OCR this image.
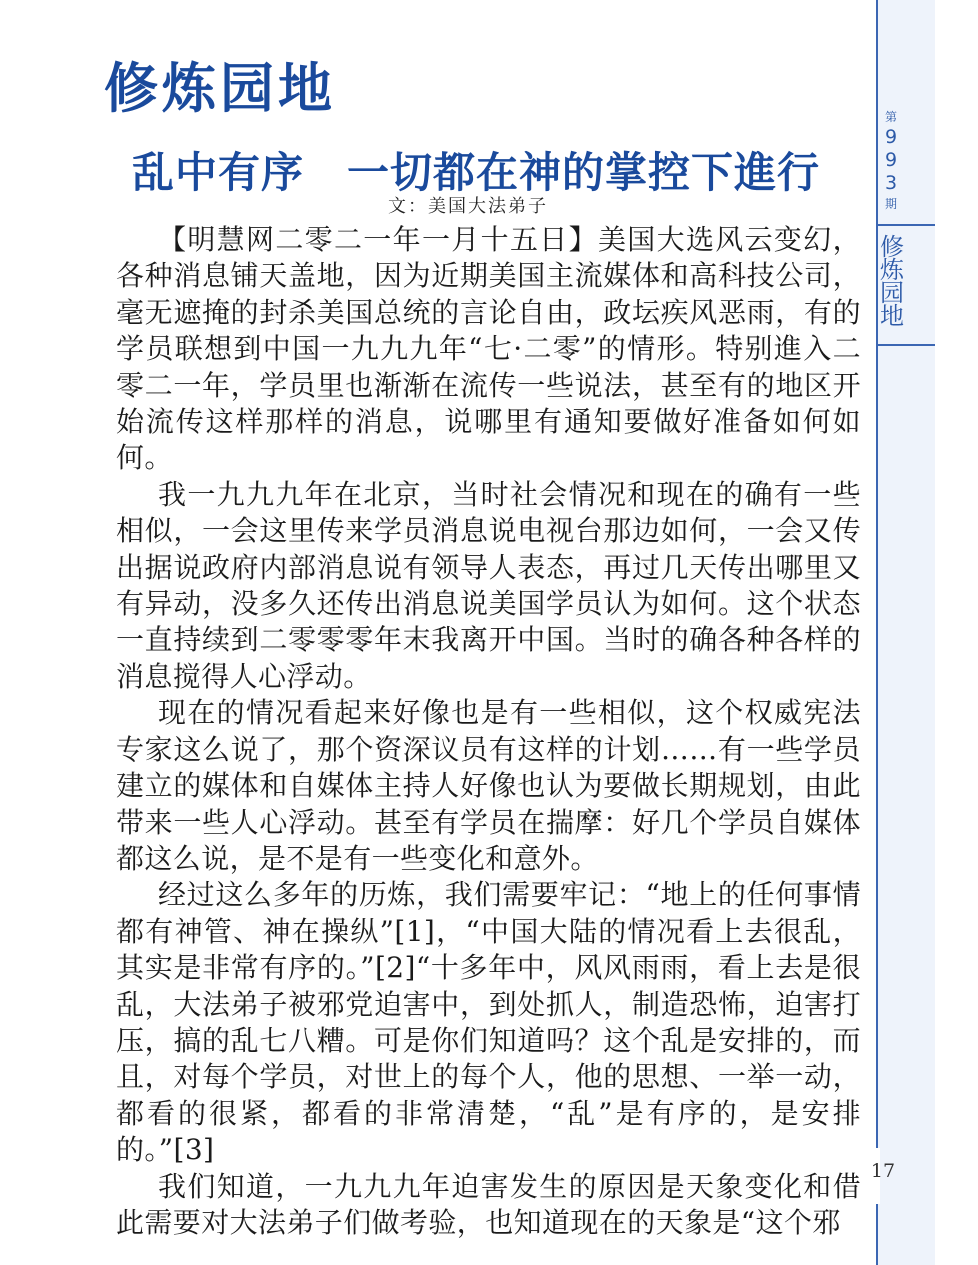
第
9
9
3
期
修
炼
园
地
修炼园地
乱中有序　一切都在神的掌控下進行
文：美国大法弟子

【明慧网二零二一年一月十五日】美国大选风云变幻，各种消息铺天盖地，因为近期美国主流媒体和高科技公司，毫无遮掩的封杀美国总统的言论自由，政坛疾风恶雨，有的学员联想到中国一九九九年“七·二零”的情形。特别進入二零二一年，学员里也渐渐在流传一些说法，甚至有的地区开始流传这样那样的消息，说哪里有通知要做好准备如何如何。

我一九九九年在北京，当时社会情况和现在的确有一些相似，一会这里传来学员消息说电视台那边如何，一会又传出据说政府内部消息说有领导人表态，再过几天传出哪里又有异动，没多久还传出消息说美国学员认为如何。这个状态一直持续到二零零零年末我离开中国。当时的确各种各样的消息搅得人心浮动。

现在的情况看起来好像也是有一些相似，这个权威宪法专家这么说了，那个资深议员有这样的计划……有一些学员建立的媒体和自媒体主持人好像也认为要做长期规划，由此带来一些人心浮动。甚至有学员在揣摩：好几个学员自媒体都这么说，是不是有一些变化和意外。

经过这么多年的历炼，我们需要牢记：“地上的任何事情都有神管、神在操纵”[1]，“中国大陆的情况看上去很乱，其实是非常有序的。”[2]“十多年中，风风雨雨，看上去是很乱，大法弟子被邪党迫害中，到处抓人，制造恐怖，迫害打压，搞的乱七八糟。可是你们知道吗？这个乱是安排的，而且，对每个学员，对世上的每个人，他的思想、一举一动，都看的很紧，都看的非常清楚，“乱”是有序的，是安排的。”[3]

我们知道，一九九九年迫害发生的原因是天象变化和借此需要对大法弟子们做考验，也知道现在的天象是“这个邪

17
